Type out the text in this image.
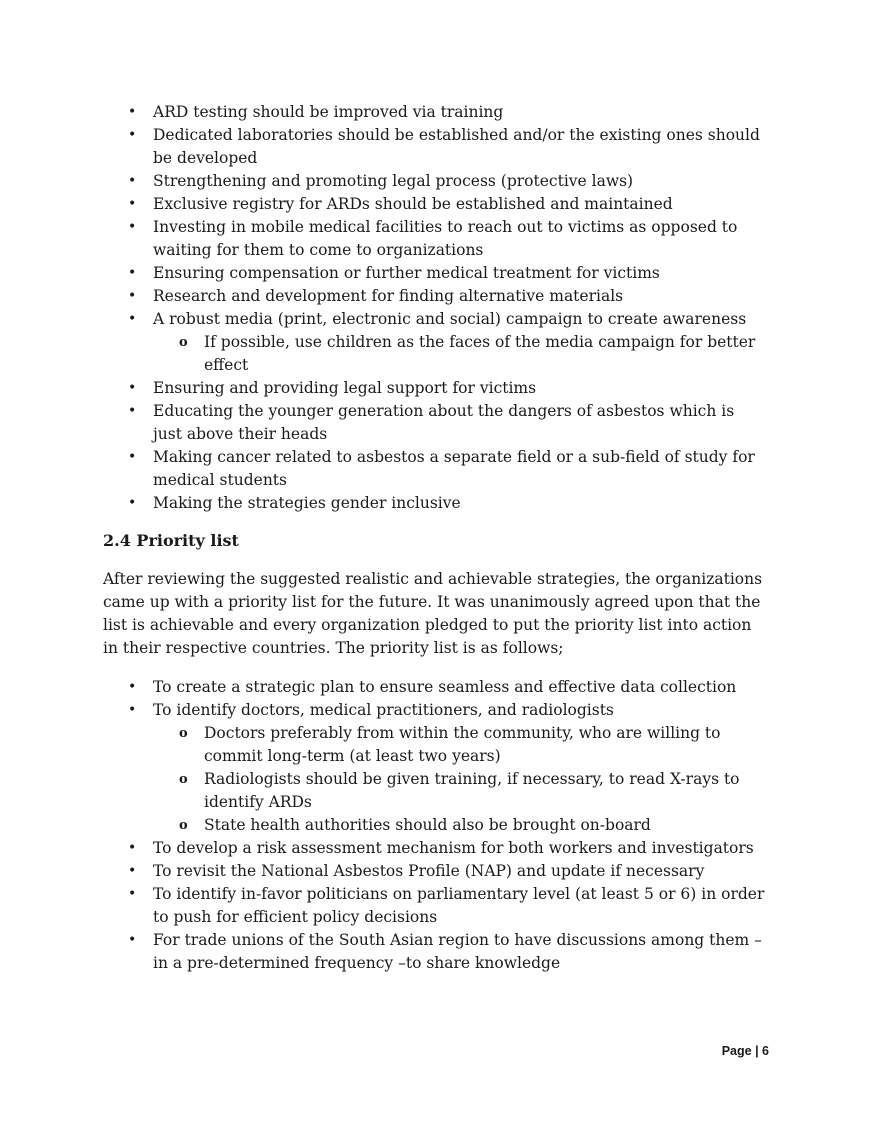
• ARD testing should be improved via training
• Dedicated laboratories should be established and/or the existing ones should be developed
• Strengthening and promoting legal process (protective laws)
• Exclusive registry for ARDs should be established and maintained
• Investing in mobile medical facilities to reach out to victims as opposed to waiting for them to come to organizations
• Ensuring compensation or further medical treatment for victims
• Research and development for finding alternative materials
• A robust media (print, electronic and social) campaign to create awareness
o If possible, use children as the faces of the media campaign for better effect
• Ensuring and providing legal support for victims
• Educating the younger generation about the dangers of asbestos which is just above their heads
• Making cancer related to asbestos a separate field or a sub-field of study for medical students
• Making the strategies gender inclusive
2.4 Priority list

After reviewing the suggested realistic and achievable strategies, the organizations came up with a priority list for the future. It was unanimously agreed upon that the list is achievable and every organization pledged to put the priority list into action in their respective countries. The priority list is as follows;

• To create a strategic plan to ensure seamless and effective data collection
• To identify doctors, medical practitioners, and radiologists
o Doctors preferably from within the community, who are willing to commit long-term (at least two years)
o Radiologists should be given training, if necessary, to read X-rays to identify ARDs
o State health authorities should also be brought on-board
• To develop a risk assessment mechanism for both workers and investigators
• To revisit the National Asbestos Profile (NAP) and update if necessary
• To identify in-favor politicians on parliamentary level (at least 5 or 6) in order to push for efficient policy decisions
• For trade unions of the South Asian region to have discussions among them – in a pre-determined frequency –to share knowledge
Page | 6
